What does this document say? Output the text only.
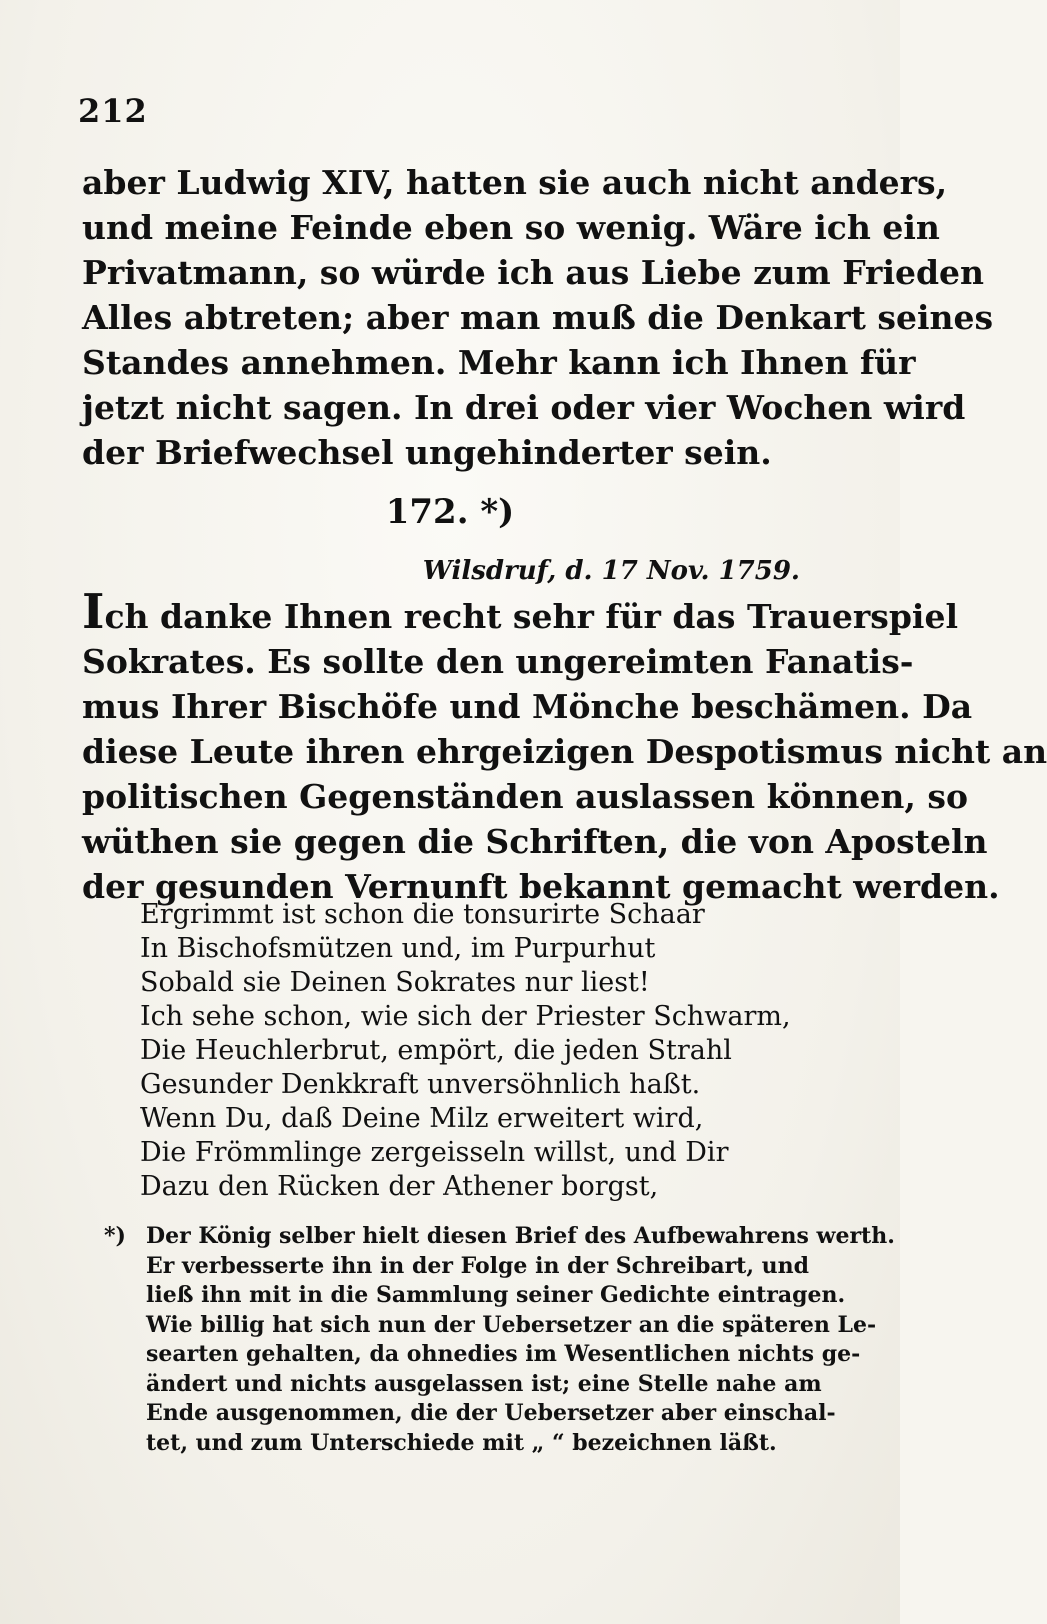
212
aber Ludwig XIV, hatten sie auch nicht anders,
und meine Feinde eben so wenig. Wäre ich ein
Privatmann, so würde ich aus Liebe zum Frieden
Alles abtreten; aber man muß die Denkart seines
Standes annehmen. Mehr kann ich Ihnen für
jetzt nicht sagen. In drei oder vier Wochen wird
der Briefwechsel ungehinderter sein.
172. *)
Wilsdruf, d. 17 Nov. 1759.
Ich danke Ihnen recht sehr für das Trauerspiel
Sokrates. Es sollte den ungereimten Fanatis-
mus Ihrer Bischöfe und Mönche beschämen. Da
diese Leute ihren ehrgeizigen Despotismus nicht an
politischen Gegenständen auslassen können, so
wüthen sie gegen die Schriften, die von Aposteln
der gesunden Vernunft bekannt gemacht werden.
Ergrimmt ist schon die tonsurirte Schaar
In Bischofsmützen und, im Purpurhut
Sobald sie Deinen Sokrates nur liest!
Ich sehe schon, wie sich der Priester Schwarm,
Die Heuchlerbrut, empört, die jeden Strahl
Gesunder Denkkraft unversöhnlich haßt.
Wenn Du, daß Deine Milz erweitert wird,
Die Frömmlinge zergeisseln willst, und Dir
Dazu den Rücken der Athener borgst,
*) Der König selber hielt diesen Brief des Aufbewahrens werth.
Er verbesserte ihn in der Folge in der Schreibart, und
ließ ihn mit in die Sammlung seiner Gedichte eintragen.
Wie billig hat sich nun der Uebersetzer an die späteren Le-
searten gehalten, da ohnedies im Wesentlichen nichts ge-
ändert und nichts ausgelassen ist; eine Stelle nahe am
Ende ausgenommen, die der Uebersetzer aber einschal-
tet, und zum Unterschiede mit „ “ bezeichnen läßt.
